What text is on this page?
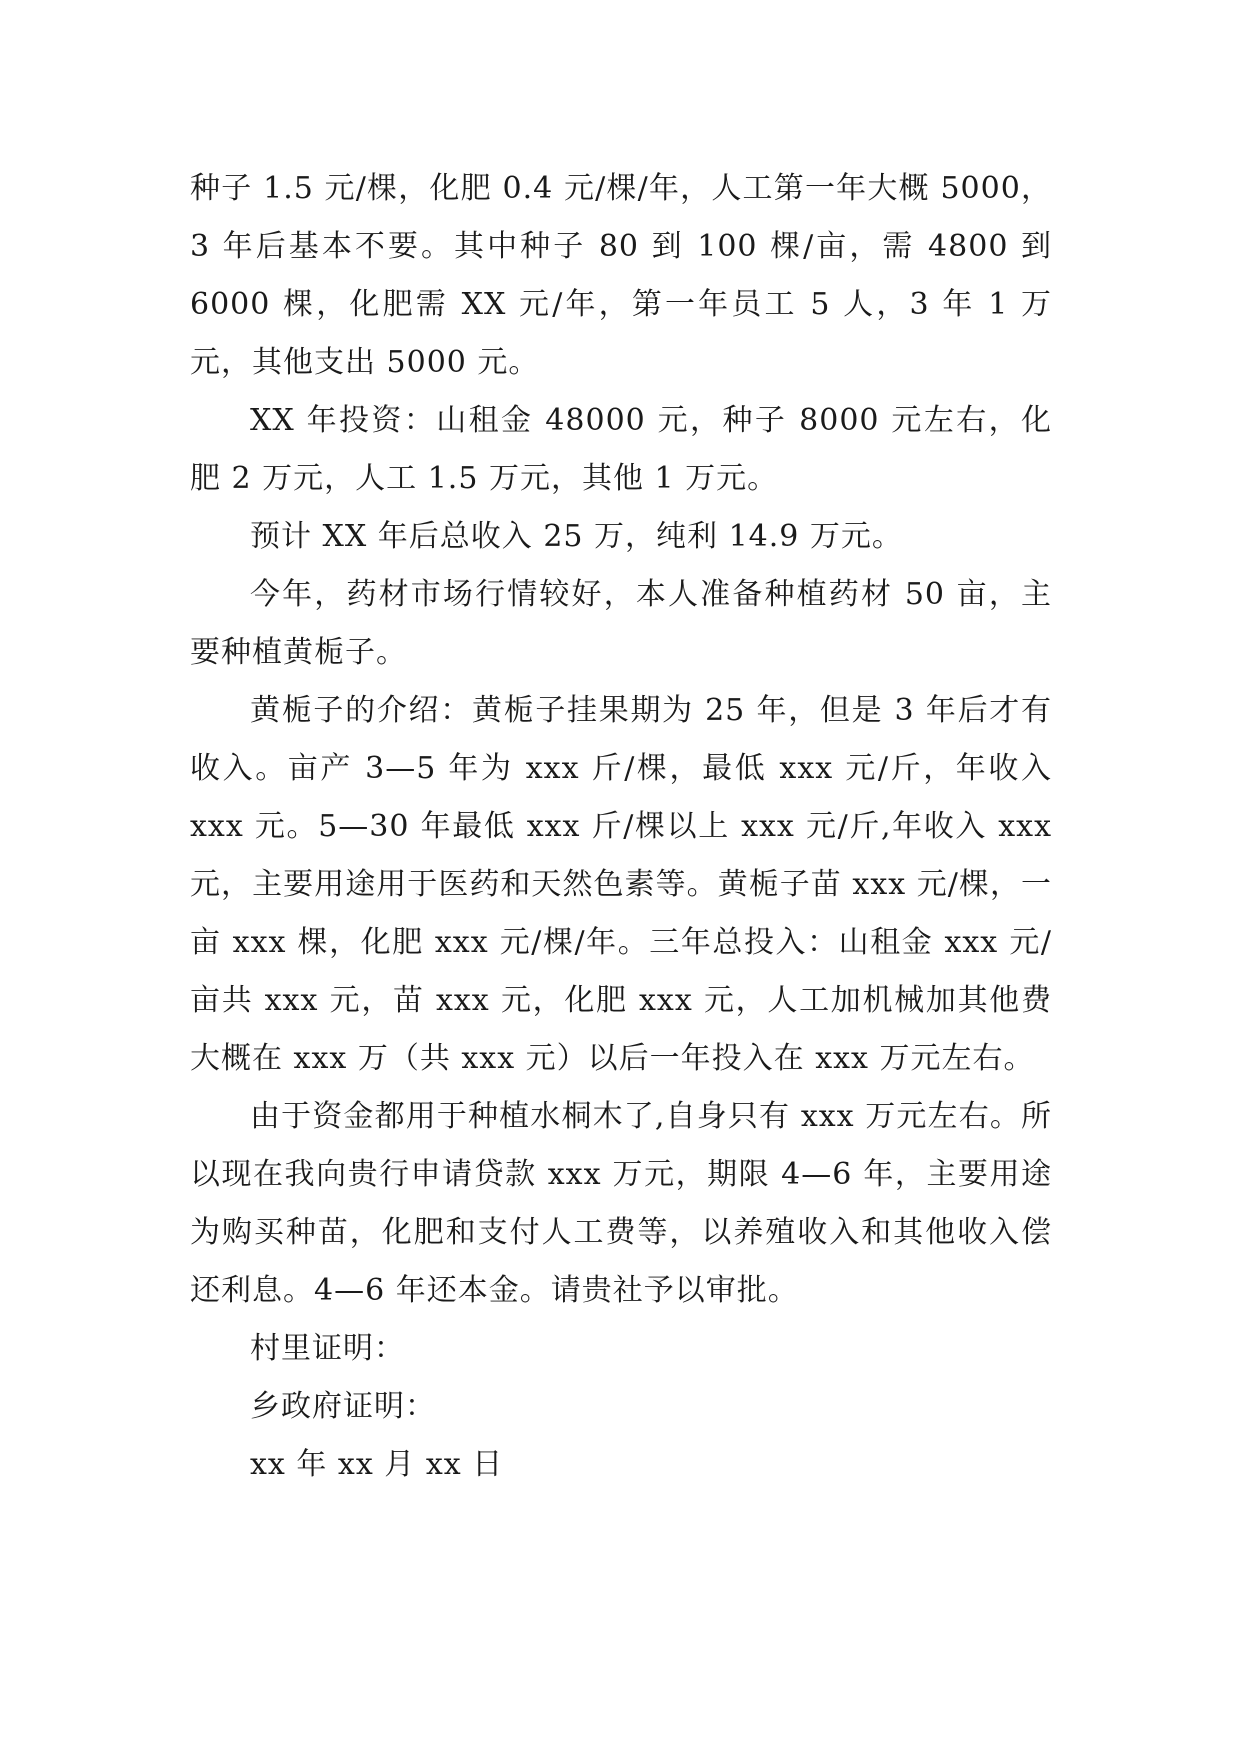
种子 1.5 元/棵，化肥 0.4 元/棵/年，人工第一年大概 5000，3 年后基本不要。其中种子 80 到 100 棵/亩，需 4800 到 6000 棵，化肥需 XX 元/年，第一年员工 5 人，3 年 1 万元，其他支出 5000 元。

XX 年投资：山租金 48000 元，种子 8000 元左右，化肥 2 万元，人工 1.5 万元，其他 1 万元。

预计 XX 年后总收入 25 万，纯利 14.9 万元。

今年，药材市场行情较好，本人准备种植药材 50 亩，主要种植黄栀子。

黄栀子的介绍：黄栀子挂果期为 25 年，但是 3 年后才有收入。亩产 3—5 年为 xxx 斤/棵，最低 xxx 元/斤，年收入 xxx 元。5—30 年最低 xxx 斤/棵以上 xxx 元/斤,年收入 xxx 元，主要用途用于医药和天然色素等。黄栀子苗 xxx 元/棵，一亩 xxx 棵，化肥 xxx 元/棵/年。三年总投入：山租金 xxx 元/亩共 xxx 元，苗 xxx 元，化肥 xxx 元，人工加机械加其他费大概在 xxx 万（共 xxx 元）以后一年投入在 xxx 万元左右。

由于资金都用于种植水桐木了,自身只有 xxx 万元左右。所以现在我向贵行申请贷款 xxx 万元，期限 4—6 年，主要用途为购买种苗，化肥和支付人工费等，以养殖收入和其他收入偿还利息。4—6 年还本金。请贵社予以审批。

村里证明：

乡政府证明：

xx 年 xx 月 xx 日
